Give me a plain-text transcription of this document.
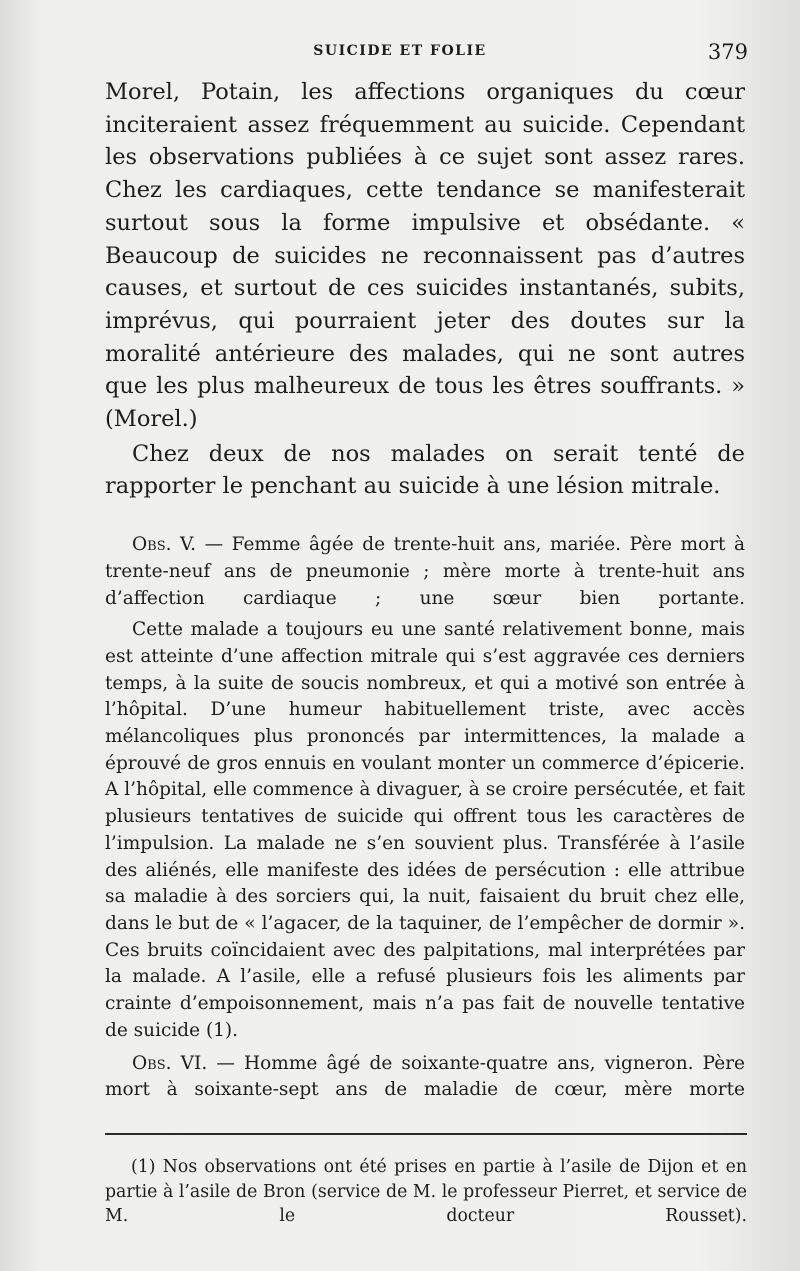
SUICIDE ET FOLIE	379

Morel, Potain, les affections organiques du cœur inciteraient assez fréquemment au suicide. Cependant les observations publiées à ce sujet sont assez rares. Chez les cardiaques, cette tendance se manifesterait surtout sous la forme impulsive et obsédante. « Beaucoup de suicides ne reconnaissent pas d’autres causes, et surtout de ces suicides instantanés, subits, imprévus, qui pourraient jeter des doutes sur la moralité antérieure des malades, qui ne sont autres que les plus malheureux de tous les êtres souffrants. » (Morel.)

Chez deux de nos malades on serait tenté de rapporter le penchant au suicide à une lésion mitrale.

Obs. V. — Femme âgée de trente-huit ans, mariée. Père mort à trente-neuf ans de pneumonie ; mère morte à trente-huit ans d’affection cardiaque ; une sœur bien portante.

Cette malade a toujours eu une santé relativement bonne, mais est atteinte d’une affection mitrale qui s’est aggravée ces derniers temps, à la suite de soucis nombreux, et qui a motivé son entrée à l’hôpital. D’une humeur habituellement triste, avec accès mélancoliques plus prononcés par intermittences, la malade a éprouvé de gros ennuis en voulant monter un commerce d’épicerie. A l’hôpital, elle commence à divaguer, à se croire persécutée, et fait plusieurs tentatives de suicide qui offrent tous les caractères de l’impulsion. La malade ne s’en souvient plus. Transférée à l’asile des aliénés, elle manifeste des idées de persécution : elle attribue sa maladie à des sorciers qui, la nuit, faisaient du bruit chez elle, dans le but de « l’agacer, de la taquiner, de l’empêcher de dormir ». Ces bruits coïncidaient avec des palpitations, mal interprétées par la malade. A l’asile, elle a refusé plusieurs fois les aliments par crainte d’empoisonnement, mais n’a pas fait de nouvelle tentative de suicide (1).

Obs. VI. — Homme âgé de soixante-quatre ans, vigneron. Père mort à soixante-sept ans de maladie de cœur, mère morte

(1) Nos observations ont été prises en partie à l’asile de Dijon et en partie à l’asile de Bron (service de M. le professeur Pierret, et service de M. le docteur Rousset).
